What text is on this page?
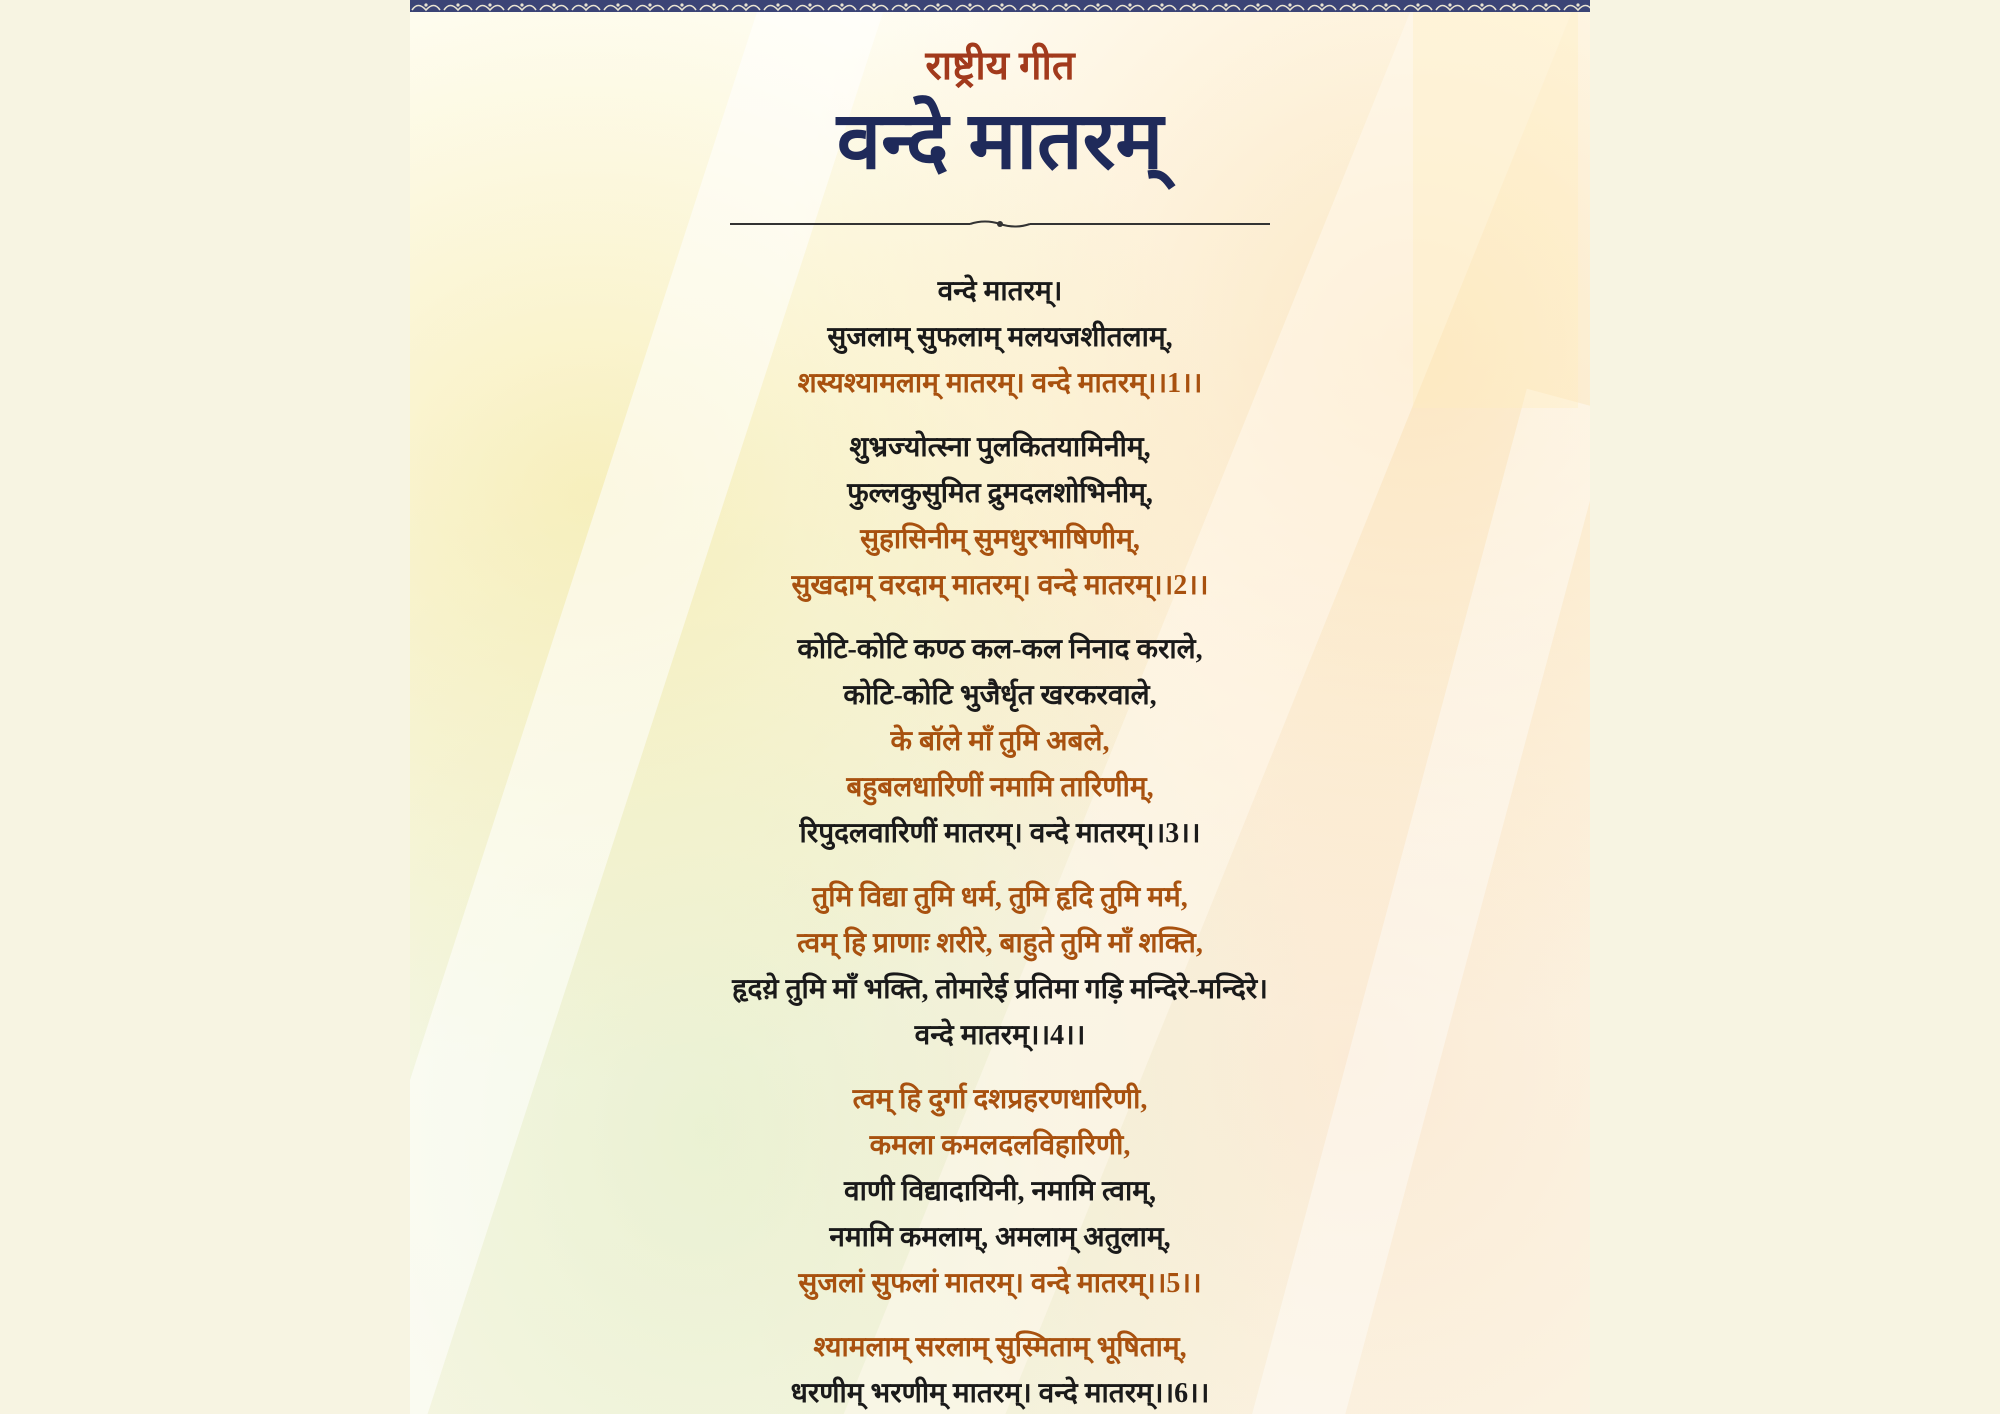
राष्ट्रीय गीत
वन्दे मातरम्
वन्दे मातरम्।
सुजलाम् सुफलाम् मलयजशीतलाम्,
शस्यश्यामलाम् मातरम्। वन्दे मातरम्।।1।।
शुभ्रज्योत्स्ना पुलकितयामिनीम्,
फुल्लकुसुमित द्रुमदलशोभिनीम्,
सुहासिनीम् सुमधुरभाषिणीम्,
सुखदाम् वरदाम् मातरम्। वन्दे मातरम्।।2।।
कोटि-कोटि कण्ठ कल-कल निनाद कराले,
कोटि-कोटि भुजैर्धृत खरकरवाले,
के बॉले माँ तुमि अबले,
बहुबलधारिणीं नमामि तारिणीम्,
रिपुदलवारिणीं मातरम्। वन्दे मातरम्।।3।।
तुमि विद्या तुमि धर्म, तुमि हृदि तुमि मर्म,
त्वम् हि प्राणाः शरीरे, बाहुते तुमि माँ शक्ति,
हृदय़े तुमि माँ भक्ति, तोमारेई प्रतिमा गड़ि मन्दिरे-मन्दिरे।
वन्दे मातरम्।।4।।
त्वम् हि दुर्गा दशप्रहरणधारिणी,
कमला कमलदलविहारिणी,
वाणी विद्यादायिनी, नमामि त्वाम्,
नमामि कमलाम्, अमलाम् अतुलाम्,
सुजलां सुफलां मातरम्। वन्दे मातरम्।।5।।
श्यामलाम् सरलाम् सुस्मिताम् भूषिताम्,
धरणीम् भरणीम् मातरम्। वन्दे मातरम्।।6।।
